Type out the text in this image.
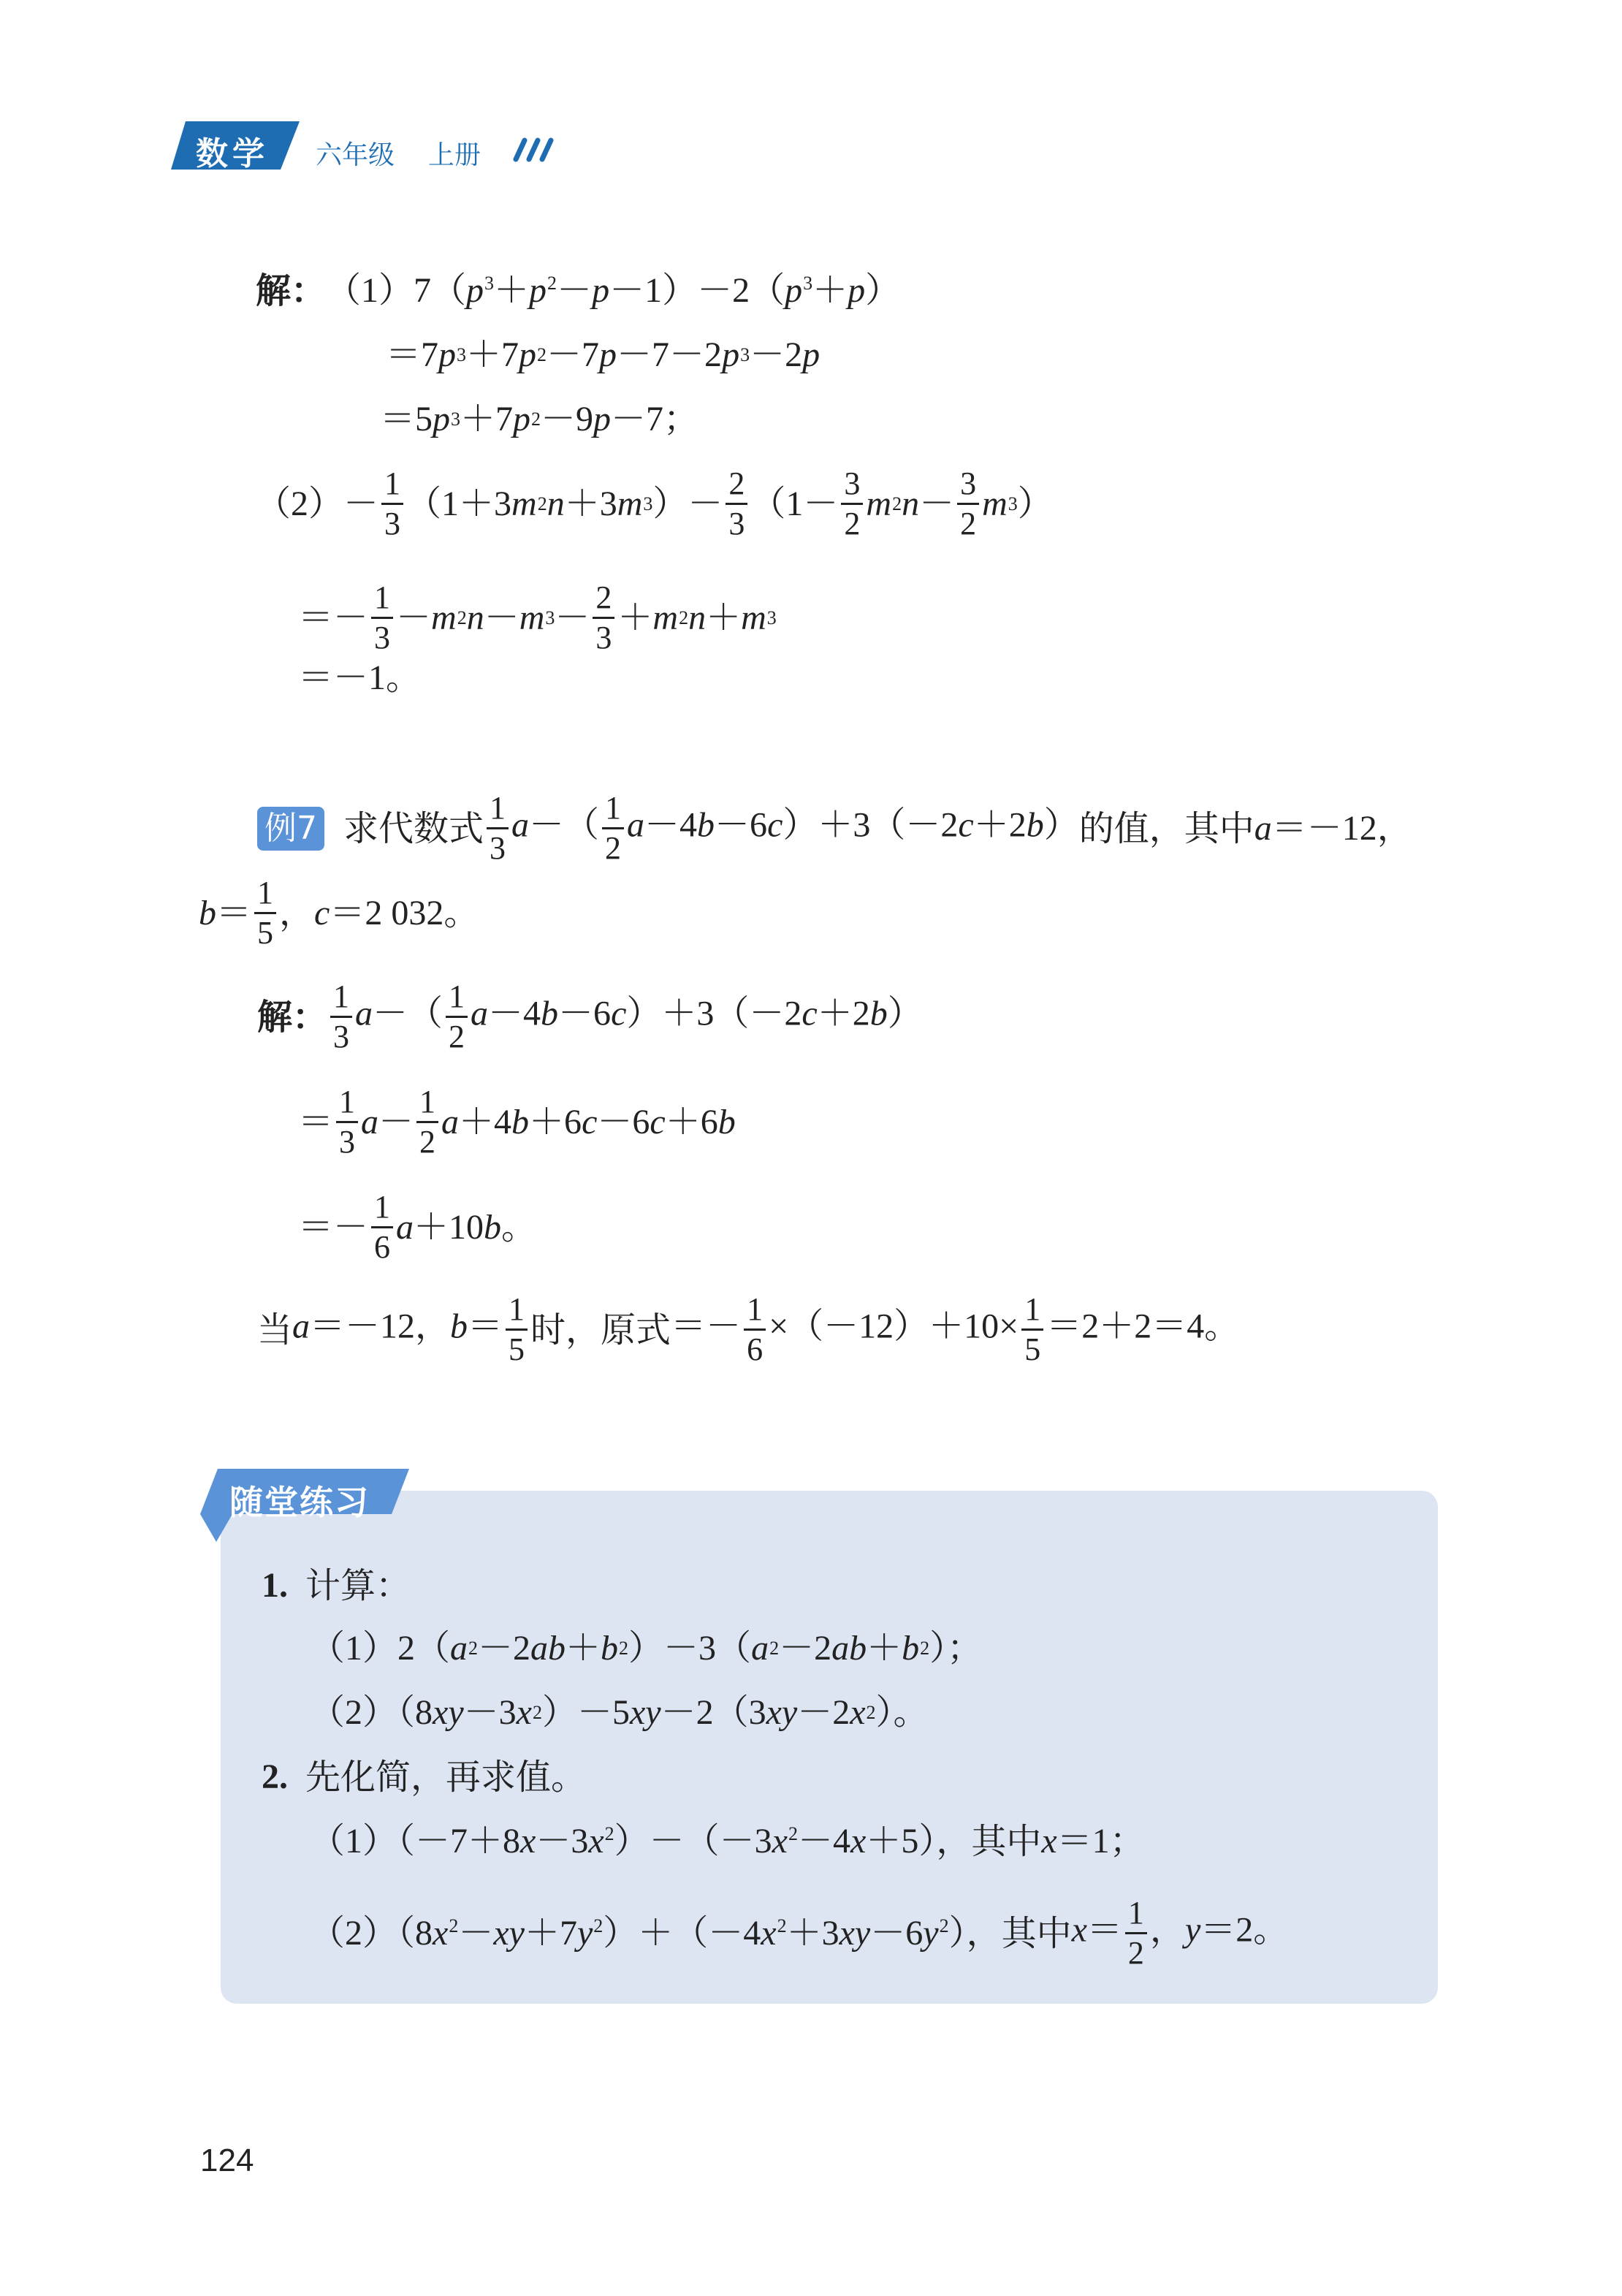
数学 六年级 上册
解： $(1)7(p^3+p^2-p-1)-2(p^3+p)$
＝7 p 3 ＋7 p 2 －7 p －7－2 p 3 －2 p
＝5 p 3 ＋7 p 2 －9 p －7；
$(2)- \frac{1}{3} (1+3$ m 2 n ＋3 m 3 ）－ $\frac{2}{3} (1- \frac{3}{2}$ m 2 $n - \frac{3}{2}$ m 3 ）
＝－ $\frac{1}{3} - m$ 2 n － m $3 - \frac{2}{3} + m$ 2 n ＋ m 3
＝－1。
例7 求代数式 $\frac{1}{3} a-( \frac{1}{2} a-4b-6c)+3(-2c+2b)$ 的值，其中 a＝－12，
$b = \frac{1}{5}$ ， c ＝2 032。
解： $\frac{1}{3} a-( \frac{1}{2} a-4b-6c)+3(-2c+2b)$
＝ $\frac{1}{3}$ $a - \frac{1}{2}$ a ＋4 b ＋6 c －6 c ＋6 b
＝－ $\frac{1}{6}$ a ＋10 b 。
当 a＝－12，$b= \frac{1}{5}$ 时，原式 ＝－ $\frac{1}{6} \times(-12)+10\times \frac{1}{5} =2+2=4$。
随堂练习
1. 计算：
（1）2（ a 2 －2 ab ＋ b 2 ）－3（ a 2 －2 ab ＋ b 2 ）；
（2）（8 xy －3 x 2 ）－5 xy －2（3 xy －2 x 2 ）。
2. 先化简，再求值。
$(1)(-7+8x-3x^2)-(-3x^2-4x+5)$， 其中 x＝1；
$(2)(8x^2-xy+7y^2)+(-4x^2+3xy-6y^2)$， 其中 $x= \frac{1}{2}$ ，y＝2。
124
